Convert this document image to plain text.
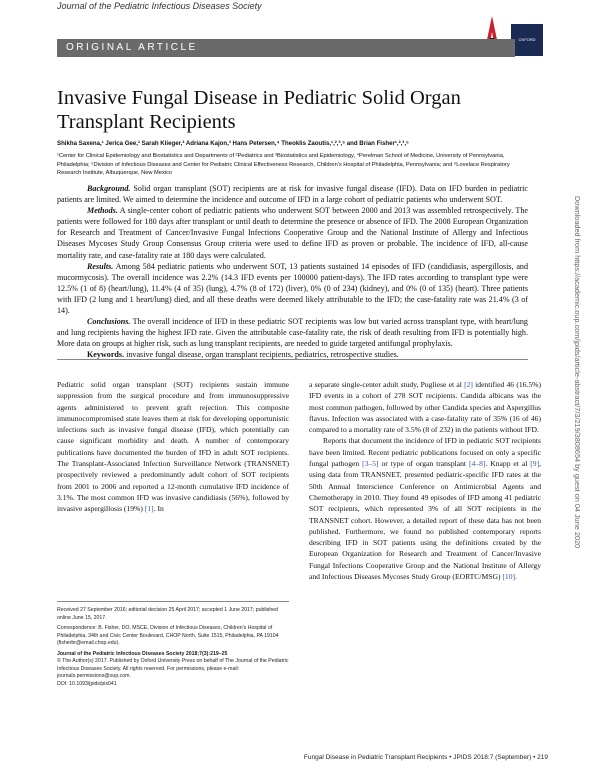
Journal of the Pediatric Infectious Diseases Society
OXFORD
ORIGINAL ARTICLE
Invasive Fungal Disease in Pediatric Solid Organ Transplant Recipients
Shikha Saxena,¹ Jerica Gee,¹ Sarah Klieger,² Adriana Kajon,³ Hans Petersen,⁴ Theoklis Zaoutis,¹,²,³,⁵ and Brian Fisher¹,²,³,⁵
¹Center for Clinical Epidemiology and Biostatistics and Departments of ²Pediatrics and ³Biostatistics and Epidemiology, ⁴Perelman School of Medicine, University of Pennsylvania, Philadelphia; ⁵Division of Infectious Diseases and Center for Pediatric Clinical Effectiveness Research, Children's Hospital of Philadelphia, Pennsylvania; and ⁶Lovelace Respiratory Research Institute, Albuquerque, New Mexico

Background. Solid organ transplant (SOT) recipients are at risk for invasive fungal disease (IFD). Data on IFD burden in pediatric patients are limited. We aimed to determine the incidence and outcome of IFD in a large cohort of pediatric patients who underwent SOT.

Methods. A single-center cohort of pediatric patients who underwent SOT between 2000 and 2013 was assembled retrospectively. The patients were followed for 180 days after transplant or until death to determine the presence or absence of IFD. The 2008 European Organization for Research and Treatment of Cancer/Invasive Fungal Infections Cooperative Group and the National Institute of Allergy and Infectious Diseases Mycoses Study Group Consensus Group criteria were used to define IFD as proven or probable. The incidence of IFD, all-cause mortality rate, and case-fatality rate at 180 days were calculated.

Results. Among 584 pediatric patients who underwent SOT, 13 patients sustained 14 episodes of IFD (candidiasis, aspergillosis, and mucormycosis). The overall incidence was 2.2% (14.3 IFD events per 100000 patient-days). The IFD rates according to transplant type were 12.5% (1 of 8) (heart/lung), 11.4% (4 of 35) (lung), 4.7% (8 of 172) (liver), 0% (0 of 234) (kidney), and 0% (0 of 135) (heart). Three patients with IFD (2 lung and 1 heart/lung) died, and all these deaths were deemed likely attributable to the IFD; the case-fatality rate was 21.4% (3 of 14).

Conclusions. The overall incidence of IFD in these pediatric SOT recipients was low but varied across transplant type, with heart/lung and lung recipients having the highest IFD rate. Given the attributable case-fatality rate, the risk of death resulting from IFD is potentially high. More data on groups at higher risk, such as lung transplant recipients, are needed to guide targeted antifungal prophylaxis.

Keywords. invasive fungal disease, organ transplant recipients, pediatrics, retrospective studies.	Downloaded from https://academic.oup.com/jpids/article-abstract/7/3/219/3808654 by guest on 04 June 2020

Pediatric solid organ transplant (SOT) recipients sustain immune suppression from the surgical procedure and from immunosuppressive agents administered to prevent graft rejection. This composite immunocompromised state leaves them at risk for developing opportunistic infections such as invasive fungal disease (IFD), which potentially can cause significant morbidity and death. A number of contemporary publications have documented the burden of IFD in adult SOT recipients. The Transplant-Associated Infection Surveillance Network (TRANSNET) prospectively reviewed a predominantly adult cohort of SOT recipients from 2001 to 2006 and reported a 12-month cumulative IFD incidence of 3.1%. The most common IFD was invasive candidiasis (56%), followed by invasive aspergillosis (19%) [1]. In

Received 27 September 2016; editorial decision 25 April 2017; accepted 1 June 2017; published online June 15, 2017.

Correspondence: B. Fisher, DO, MSCE, Division of Infectious Diseases, Children's Hospital of Philadelphia, 34th and Civic Center Boulevard, CHOP North, Suite 1515, Philadelphia, PA 19104 (fisherbr@email.chop.edu).

Journal of the Pediatric Infectious Diseases Society 2018;7(3):219–25
© The Author(s) 2017. Published by Oxford University Press on behalf of The Journal of the Pediatric Infectious Diseases Society. All rights reserved. For permissions, please e-mail: journals.permissions@oup.com.
DOI: 10.1093/jpids/pix041

a separate single-center adult study, Pugliese et al [2] identified 46 (16.5%) IFD events in a cohort of 278 SOT recipients. Candida albicans was the most common pathogen, followed by other Candida species and Aspergillus flavus. Infection was associated with a case-fatality rate of 35% (16 of 46) compared to a mortality rate of 3.5% (8 of 232) in the patients without IFD.

Reports that document the incidence of IFD in pediatric SOT recipients have been limited. Recent pediatric publications focused on only a specific fungal pathogen [3–5] or type of organ transplant [4–8]. Knapp et al [9], using data from TRANSNET, presented pediatric-specific IFD rates at the 50th Annual Interscience Conference on Antimicrobial Agents and Chemotherapy in 2010. They found 49 episodes of IFD among 41 pediatric SOT recipients, which represented 3% of all SOT recipients in the TRANSNET cohort. However, a detailed report of these data has not been published. Furthermore, we found no published contemporary reports describing IFD in SOT patients using the definitions created by the European Organization for Research and Treatment of Cancer/Invasive Fungal Infections Cooperative Group and the National Institute of Allergy and Infectious Diseases Mycoses Study Group (EORTC/MSG) [10].

Fungal Disease in Pediatric Transplant Recipients • JPIDS 2018:7 (September) • 219
